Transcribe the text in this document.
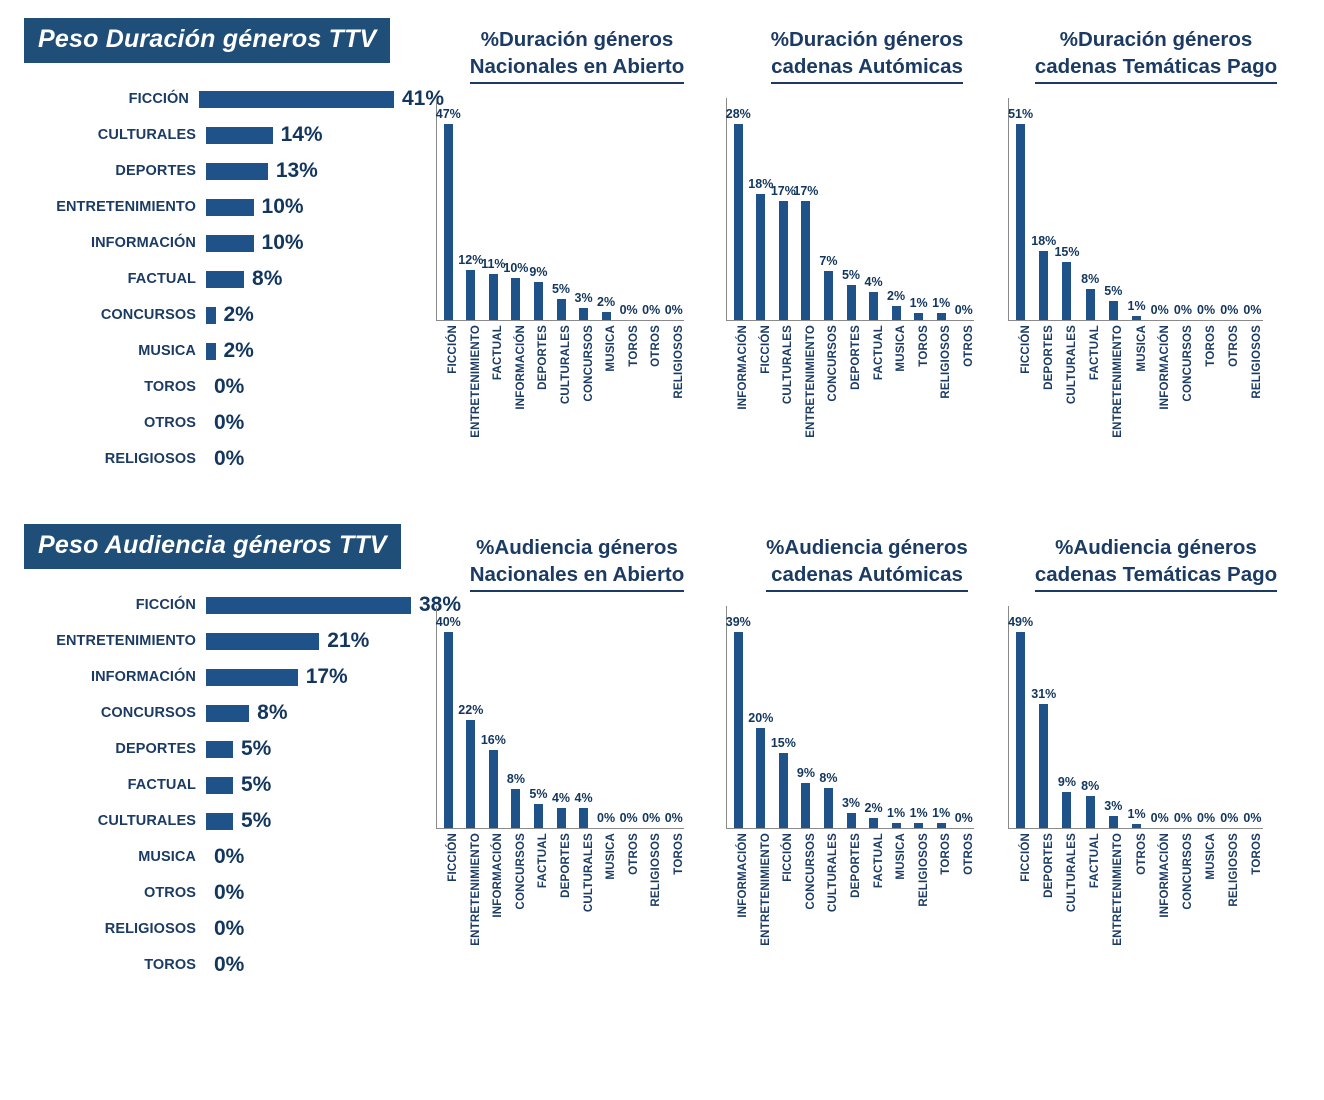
Peso Duración géneros TTV
FICCIÓN	41%
CULTURALES	14%
DEPORTES	13%
ENTRETENIMIENTO	10%
INFORMACIÓN	10%
FACTUAL	8%
CONCURSOS	2%
MUSICA	2%
TOROS 0%
OTROS 0%
RELIGIOSOS 0%
%Duración géneros
Nacionales en Abierto
47%
12%
11%
10% 9%
5%
3% 2%
0% 0% 0%
FICCIÓN ENTRETENIMIENTO FACTUAL INFORMACIÓN DEPORTES CULTURALES CONCURSOS MUSICA TOROS OTROS RELIGIOSOS
%Duración géneros
cadenas Autómicas
28%
18%
17%
17%
7%
5% 4%
2% 1% 1% 0%
INFORMACIÓN FICCIÓN CULTURALES ENTRETENIMIENTO CONCURSOS DEPORTES FACTUAL MUSICA TOROS RELIGIOSOS OTROS
%Duración géneros
cadenas Temáticas Pago
51%
18%
15%
8%
5%
1% 0% 0% 0% 0% 0%
FICCIÓN DEPORTES CULTURALES FACTUAL ENTRETENIMIENTO MUSICA INFORMACIÓN CONCURSOS TOROS OTROS RELIGIOSOS
Peso Audiencia géneros TTV
FICCIÓN	38%
ENTRETENIMIENTO	21%
INFORMACIÓN	17%
CONCURSOS	8%
DEPORTES	5%
FACTUAL	5%
CULTURALES	5%
MUSICA 0%
OTROS 0%
RELIGIOSOS 0%
TOROS 0%
%Audiencia géneros
Nacionales en Abierto
40%
22%
16%
8%
5% 4% 4%
0% 0% 0% 0%
FICCIÓN ENTRETENIMIENTO INFORMACIÓN CONCURSOS FACTUAL DEPORTES CULTURALES MUSICA OTROS RELIGIOSOS TOROS
%Audiencia géneros
cadenas Autómicas
39%
20%
15%
9% 8%
3% 2% 1% 1% 1% 0%
INFORMACIÓN ENTRETENIMIENTO FICCIÓN CONCURSOS CULTURALES DEPORTES FACTUAL MUSICA RELIGIOSOS TOROS OTROS
%Audiencia géneros
cadenas Temáticas Pago
49%
31%
9% 8%
3%
1% 0% 0% 0% 0% 0%
FICCIÓN DEPORTES CULTURALES FACTUAL ENTRETENIMIENTO OTROS INFORMACIÓN CONCURSOS MUSICA RELIGIOSOS TOROS
